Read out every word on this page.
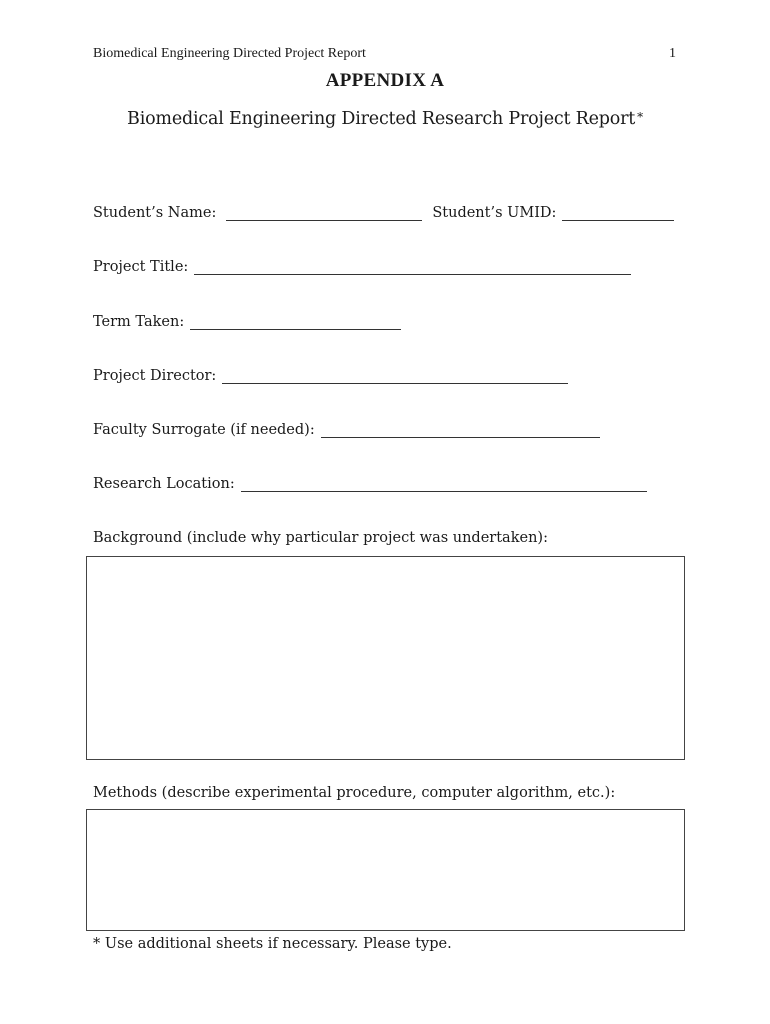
Biomedical Engineering Directed Project Report	1
APPENDIX A
Biomedical Engineering Directed Research Project Report *
Student’s Name:	Student’s UMID:
Project Title:
Term Taken:
Project Director:
Faculty Surrogate (if needed):
Research Location:
Background (include why particular project was undertaken):
Methods (describe experimental procedure, computer algorithm, etc.):
* Use additional sheets if necessary. Please type.
